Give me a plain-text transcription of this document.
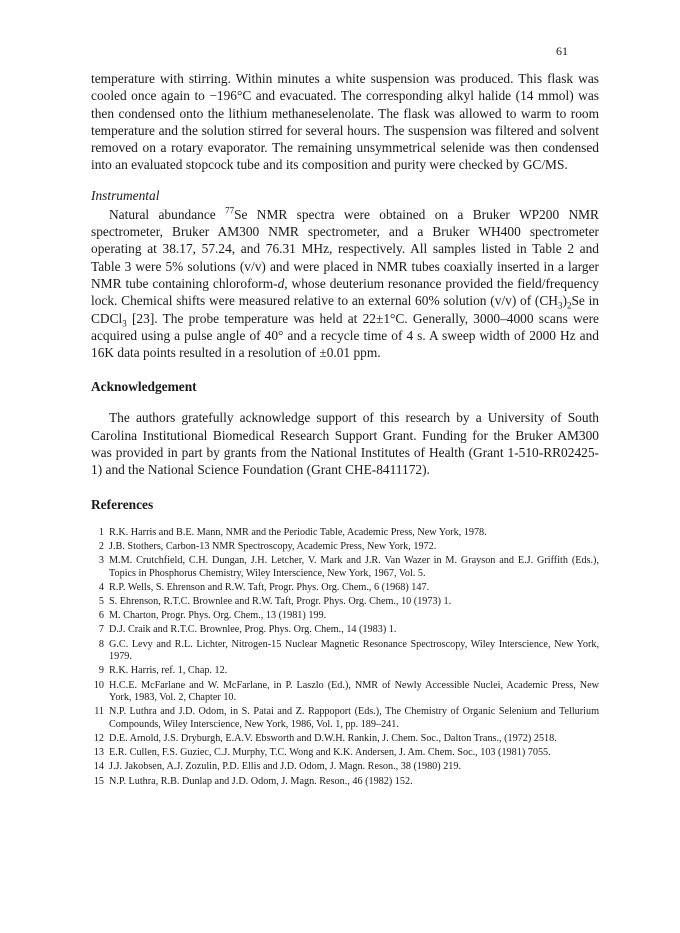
61

temperature with stirring. Within minutes a white suspension was produced. This flask was cooled once again to −196°C and evacuated. The corresponding alkyl halide (14 mmol) was then condensed onto the lithium methaneselenolate. The flask was allowed to warm to room temperature and the solution stirred for several hours. The suspension was filtered and solvent removed on a rotary evaporator. The remaining unsymmetrical selenide was then condensed into an evaluated stopcock tube and its composition and purity were checked by GC/MS.

Instrumental

Natural abundance $^{77}$Se NMR spectra were obtained on a Bruker WP200 NMR spectrometer, Bruker AM300 NMR spectrometer, and a Bruker WH400 spectrometer operating at 38.17, 57.24, and 76.31 MHz, respectively. All samples listed in Table 2 and Table 3 were 5% solutions (v/v) and were placed in NMR tubes coaxially inserted in a larger NMR tube containing chloroform-d, whose deuterium resonance provided the field/frequency lock. Chemical shifts were measured relative to an external 60% solution (v/v) of $(CH_3)_2Se$ in CDCl$_3$ [23]. The probe temperature was held at 22±1°C. Generally, 3000–4000 scans were acquired using a pulse angle of 40° and a recycle time of 4 s. A sweep width of 2000 Hz and 16K data points resulted in a resolution of ±0.01 ppm.

Acknowledgement

The authors gratefully acknowledge support of this research by a University of South Carolina Institutional Biomedical Research Support Grant. Funding for the Bruker AM300 was provided in part by grants from the National Institutes of Health (Grant 1-510-RR02425-1) and the National Science Foundation (Grant CHE-8411172).

References
1 R.K. Harris and B.E. Mann, NMR and the Periodic Table, Academic Press, New York, 1978.
2 J.B. Stothers, Carbon-13 NMR Spectroscopy, Academic Press, New York, 1972.
3 M.M. Crutchfield, C.H. Dungan, J.H. Letcher, V. Mark and J.R. Van Wazer in M. Grayson and E.J. Griffith (Eds.), Topics in Phosphorus Chemistry, Wiley Interscience, New York, 1967, Vol. 5.
4 R.P. Wells, S. Ehrenson and R.W. Taft, Progr. Phys. Org. Chem., 6 (1968) 147.
5 S. Ehrenson, R.T.C. Brownlee and R.W. Taft, Progr. Phys. Org. Chem., 10 (1973) 1.
6 M. Charton, Progr. Phys. Org. Chem., 13 (1981) 199.
7 D.J. Craik and R.T.C. Brownlee, Prog. Phys. Org. Chem., 14 (1983) 1.
8 G.C. Levy and R.L. Lichter, Nitrogen-15 Nuclear Magnetic Resonance Spectroscopy, Wiley Interscience, New York, 1979.
9 R.K. Harris, ref. 1, Chap. 12.
10 H.C.E. McFarlane and W. McFarlane, in P. Laszlo (Ed.), NMR of Newly Accessible Nuclei, Academic Press, New York, 1983, Vol. 2, Chapter 10.
11 N.P. Luthra and J.D. Odom, in S. Patai and Z. Rappoport (Eds.), The Chemistry of Organic Selenium and Tellurium Compounds, Wiley Interscience, New York, 1986, Vol. 1, pp. 189–241.
12 D.E. Arnold, J.S. Dryburgh, E.A.V. Ebsworth and D.W.H. Rankin, J. Chem. Soc., Dalton Trans., (1972) 2518.
13 E.R. Cullen, F.S. Guziec, C.J. Murphy, T.C. Wong and K.K. Andersen, J. Am. Chem. Soc., 103 (1981) 7055.
14 J.J. Jakobsen, A.J. Zozulin, P.D. Ellis and J.D. Odom, J. Magn. Reson., 38 (1980) 219.
15 N.P. Luthra, R.B. Dunlap and J.D. Odom, J. Magn. Reson., 46 (1982) 152.
